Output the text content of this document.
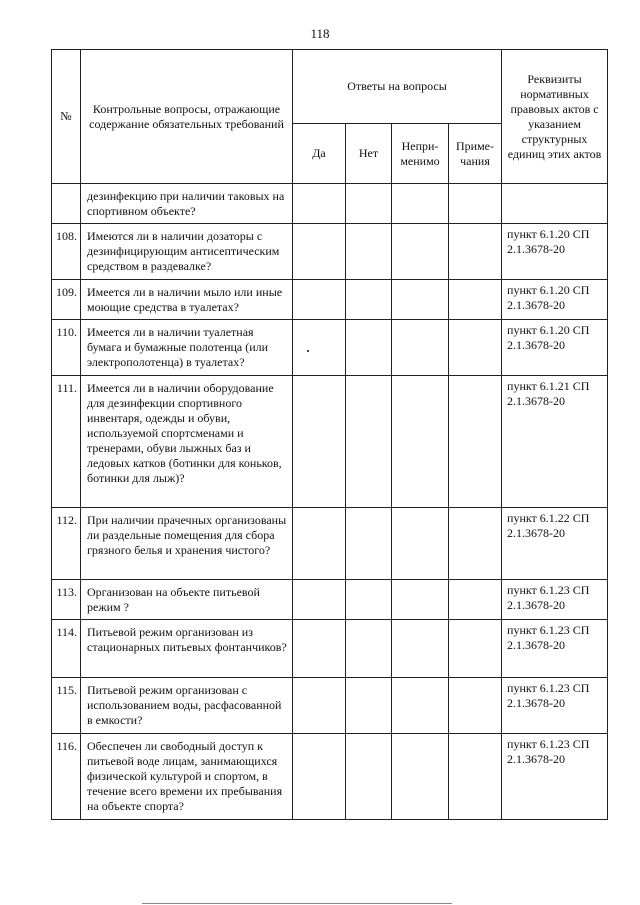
118
№	Контрольные вопросы, отражающие содержание обязательных требований	Ответы на вопросы				Реквизиты нормативных правовых актов с указанием структурных единиц этих актов
		Да	Нет	Непри-менимо	Приме-чания	
	дезинфекцию при наличии таковых на спортивном объекте?					
108.	Имеются ли в наличии дозаторы с дезинфицирующим антисептическим средством в раздевалке?					пункт 6.1.20 СП 2.1.3678-20
109.	Имеется ли в наличии мыло или иные моющие средства в туалетах?					пункт 6.1.20 СП 2.1.3678-20
110.	Имеется ли в наличии туалетная бумага и бумажные полотенца (или электрополотенца) в туалетах?					пункт 6.1.20 СП 2.1.3678-20
111.	Имеется ли в наличии оборудование для дезинфекции спортивного инвентаря, одежды и обуви, используемой спортсменами и тренерами, обуви лыжных баз и ледовых катков (ботинки для коньков, ботинки для лыж)?					пункт 6.1.21 СП 2.1.3678-20
112.	При наличии прачечных организованы ли раздельные помещения для сбора грязного белья и хранения чистого?					пункт 6.1.22 СП 2.1.3678-20
113.	Организован на объекте питьевой режим ?					пункт 6.1.23 СП 2.1.3678-20
114.	Питьевой режим организован из стационарных питьевых фонтанчиков?					пункт 6.1.23 СП 2.1.3678-20
115.	Питьевой режим организован с использованием воды, расфасованной в емкости?					пункт 6.1.23 СП 2.1.3678-20
116.	Обеспечен ли свободный доступ к питьевой воде лицам, занимающихся физической культурой и спортом, в течение всего времени их пребывания на объекте спорта?					пункт 6.1.23 СП 2.1.3678-20
